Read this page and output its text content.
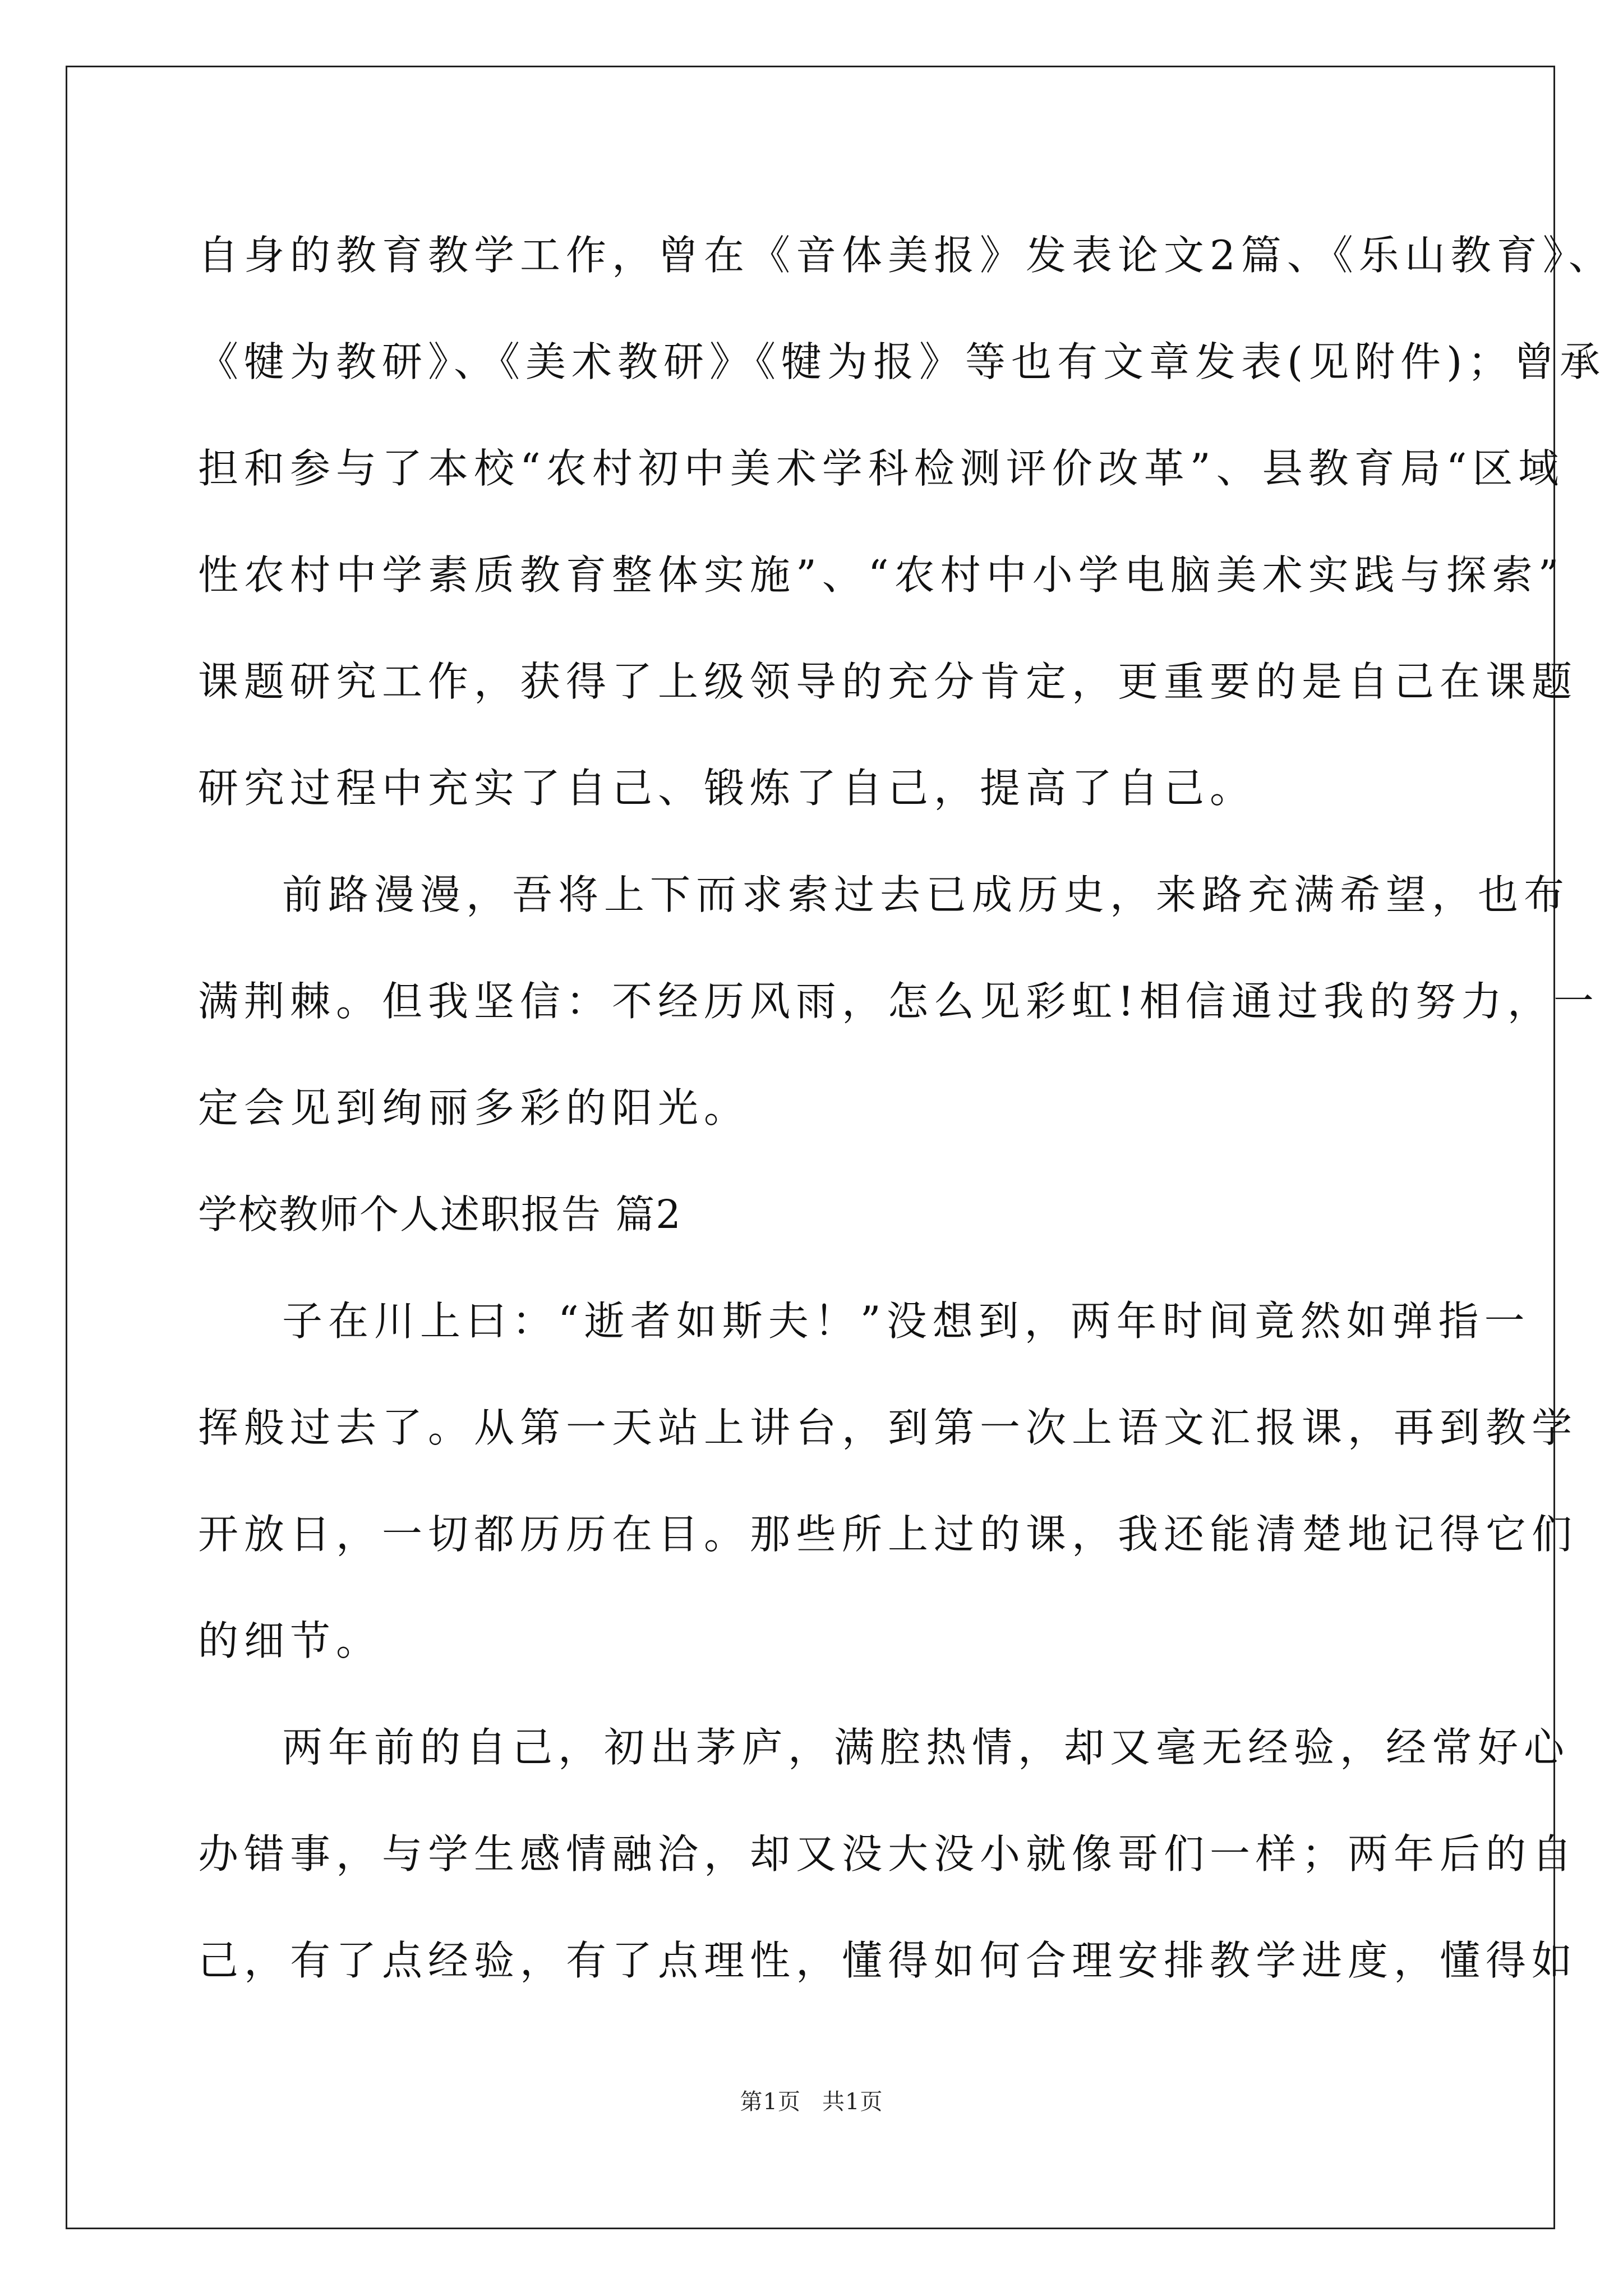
自身的教育教学工作，曾在《音体美报》发表论文2篇、《乐山教育》、
《犍为教研》、《美术教研》《犍为报》等也有文章发表(见附件)；曾承
担和参与了本校“农村初中美术学科检测评价改革”、县教育局“区域
性农村中学素质教育整体实施”、“农村中小学电脑美术实践与探索”
课题研究工作，获得了上级领导的充分肯定，更重要的是自己在课题
研究过程中充实了自己、锻炼了自己，提高了自己。
前路漫漫，吾将上下而求索过去已成历史，来路充满希望，也布
满荆棘。但我坚信：不经历风雨，怎么见彩虹!相信通过我的努力，一
定会见到绚丽多彩的阳光。
学校教师个人述职报告 篇2
子在川上曰：“逝者如斯夫！”没想到，两年时间竟然如弹指一
挥般过去了。从第一天站上讲台，到第一次上语文汇报课，再到教学
开放日，一切都历历在目。那些所上过的课，我还能清楚地记得它们
的细节。
两年前的自己，初出茅庐，满腔热情，却又毫无经验，经常好心
办错事，与学生感情融洽，却又没大没小就像哥们一样；两年后的自
己，有了点经验，有了点理性，懂得如何合理安排教学进度，懂得如
第1页 共1页
